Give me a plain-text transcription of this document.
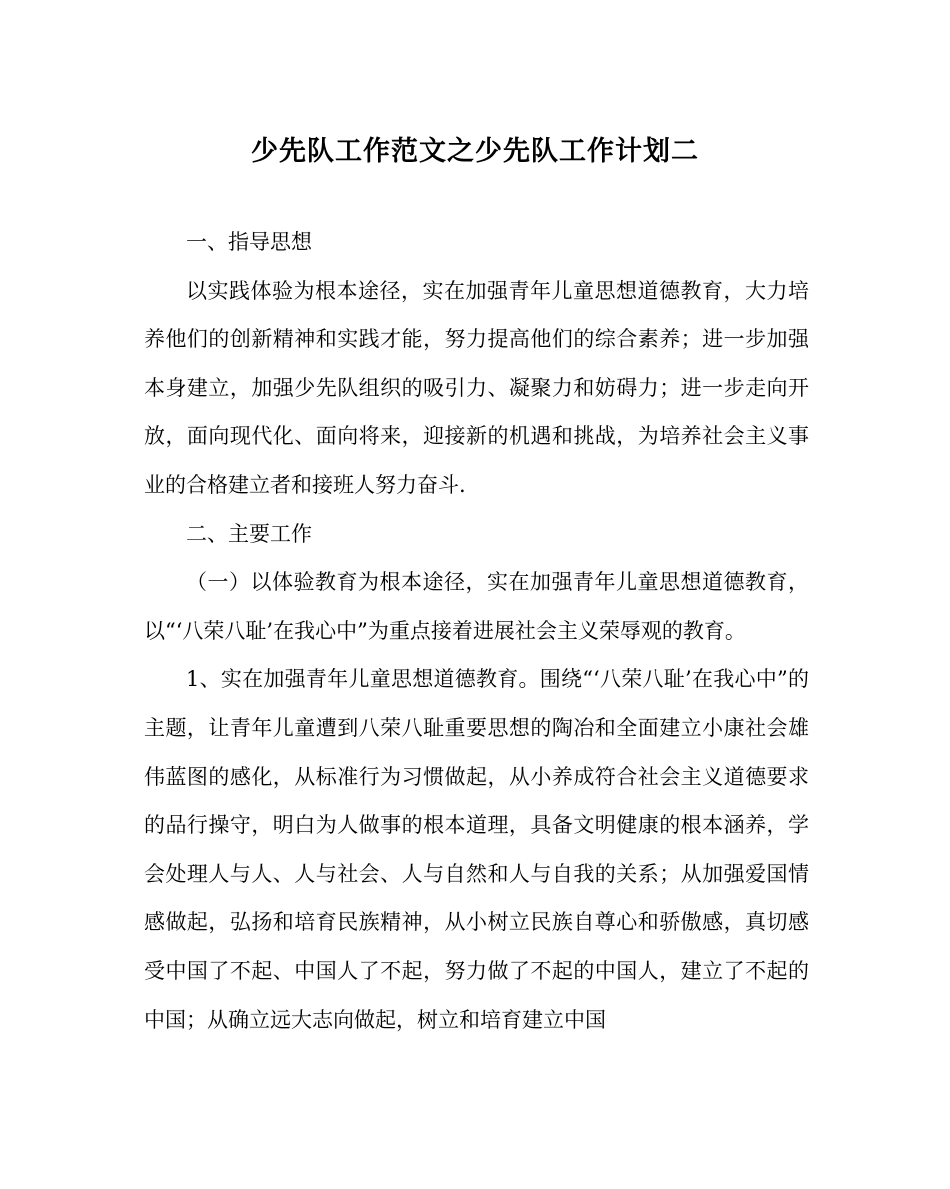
少先队工作范文之少先队工作计划二

一、指导思想

以实践体验为根本途径，实在加强青年儿童思想道德教育，大力培养他们的创新精神和实践才能，努力提高他们的综合素养；进一步加强本身建立，加强少先队组织的吸引力、凝聚力和妨碍力；进一步走向开放，面向现代化、面向将来，迎接新的机遇和挑战，为培养社会主义事业的合格建立者和接班人努力奋斗.

二、主要工作

（一）以体验教育为根本途径，实在加强青年儿童思想道德教育，以“‘八荣八耻’在我心中”为重点接着进展社会主义荣辱观的教育。

1、实在加强青年儿童思想道德教育。围绕“‘八荣八耻’在我心中”的主题，让青年儿童遭到八荣八耻重要思想的陶冶和全面建立小康社会雄伟蓝图的感化，从标准行为习惯做起，从小养成符合社会主义道德要求的品行操守，明白为人做事的根本道理，具备文明健康的根本涵养，学会处理人与人、人与社会、人与自然和人与自我的关系；从加强爱国情感做起，弘扬和培育民族精神，从小树立民族自尊心和骄傲感，真切感受中国了不起、中国人了不起，努力做了不起的中国人，建立了不起的中国；从确立远大志向做起，树立和培育建立中国
